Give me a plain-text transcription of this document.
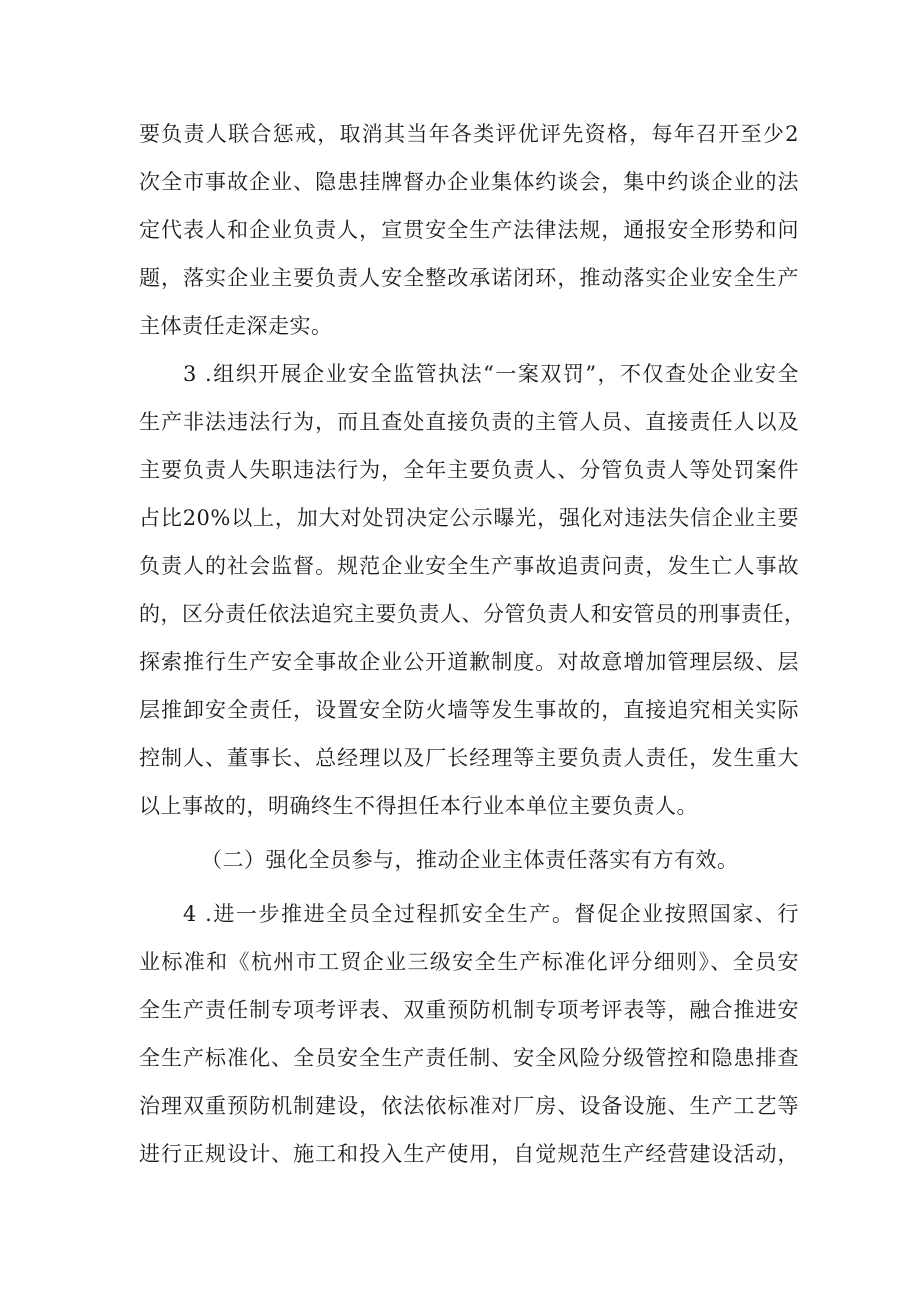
要负责人联合惩戒，取消其当年各类评优评先资格，每年召开至少2
次全市事故企业、隐患挂牌督办企业集体约谈会，集中约谈企业的法
定代表人和企业负责人，宣贯安全生产法律法规，通报安全形势和问
题，落实企业主要负责人安全整改承诺闭环，推动落实企业安全生产
主体责任走深走实。
3 .组织开展企业安全监管执法“一案双罚”，不仅查处企业安全
生产非法违法行为，而且查处直接负责的主管人员、直接责任人以及
主要负责人失职违法行为，全年主要负责人、分管负责人等处罚案件
占比20%以上，加大对处罚决定公示曝光，强化对违法失信企业主要
负责人的社会监督。规范企业安全生产事故追责问责，发生亡人事故
的，区分责任依法追究主要负责人、分管负责人和安管员的刑事责任，
探索推行生产安全事故企业公开道歉制度。对故意增加管理层级、层
层推卸安全责任，设置安全防火墙等发生事故的，直接追究相关实际
控制人、董事长、总经理以及厂长经理等主要负责人责任，发生重大
以上事故的，明确终生不得担任本行业本单位主要负责人。
（二）强化全员参与，推动企业主体责任落实有方有效。
4 .进一步推进全员全过程抓安全生产。督促企业按照国家、行
业标准和《杭州市工贸企业三级安全生产标准化评分细则》、全员安
全生产责任制专项考评表、双重预防机制专项考评表等，融合推进安
全生产标准化、全员安全生产责任制、安全风险分级管控和隐患排查
治理双重预防机制建设，依法依标准对厂房、设备设施、生产工艺等
进行正规设计、施工和投入生产使用，自觉规范生产经营建设活动，
